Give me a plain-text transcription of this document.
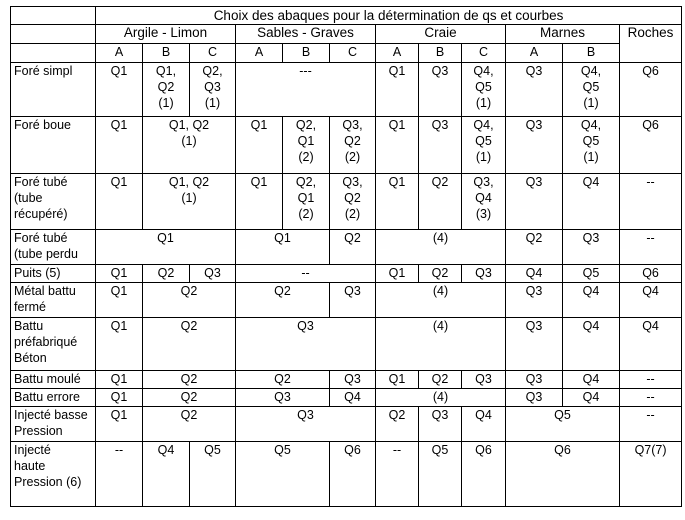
	Choix des abaques pour la détermination de qs et courbes											
	Argile - Limon			Sables - Graves			Craie			Marnes		Roches
	A	B	C	A	B	C	A	B	C	A	B	
Foré simpl	Q1	Q1,
Q2
(1)	Q2,
Q3
(1)	---			Q1	Q3	Q4,
Q5
(1)	Q3	Q4,
Q5
(1)	Q6
Foré boue	Q1	Q1, Q2
(1)		Q1	Q2,
Q1
(2)	Q3,
Q2
(2)	Q1	Q3	Q4,
Q5
(1)	Q3	Q4,
Q5
(1)	Q6

Foré tubé
(tube
récupéré)	Q1	Q1, Q2
(1)		Q1	Q2,
Q1
(2)	Q3,
Q2
(2)	Q1	Q2	Q3,
Q4
(3)	Q3	Q4	--

Foré tubé
(tube perdu	Q1			Q1		Q2	(4)			Q2	Q3	--
Puits (5)	Q1	Q2	Q3	--			Q1	Q2	Q3	Q4	Q5	Q6

Métal battu
fermé	Q1	Q2		Q2		Q3	(4)			Q3	Q4	Q4

Battu
préfabriqué
Béton	Q1	Q2		Q3			(4)			Q3	Q4	Q4
Battu moulé	Q1	Q2		Q2		Q3	Q1	Q2	Q3	Q3	Q4	--
Battu errore	Q1	Q2		Q3		Q4	(4)			Q3	Q4	--

Injecté basse
Pression	Q1	Q2		Q3			Q2	Q3	Q4	Q5		--

Injecté
haute
Pression (6)	--	Q4	Q5	Q5		Q6	--	Q5	Q6	Q6		Q7(7)
